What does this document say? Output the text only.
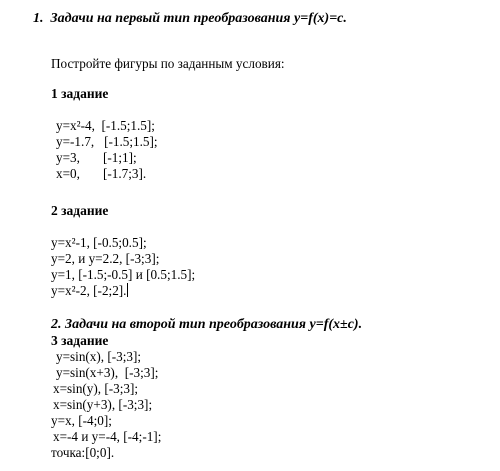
1.  Задачи на первый тип преобразования y=f(x)=c.
Постройте фигуры по заданным условия:
1 задание
y=x²-4,  [-1.5;1.5];
y=-1.7,   [-1.5;1.5];
y=3,       [-1;1];
x=0,       [-1.7;3].
2 задание
y=x²-1, [-0.5;0.5];
y=2, и y=2.2, [-3;3];
y=1, [-1.5;-0.5] и [0.5;1.5];
y=x²-2, [-2;2].
2. Задачи на второй тип преобразования y=f(x±c).
3 задание
y=sin(x), [-3;3];
y=sin(x+3),  [-3;3];
x=sin(y), [-3;3];
x=sin(y+3), [-3;3];
y=x, [-4;0];
x=-4 и y=-4, [-4;-1];
точка:[0;0].
